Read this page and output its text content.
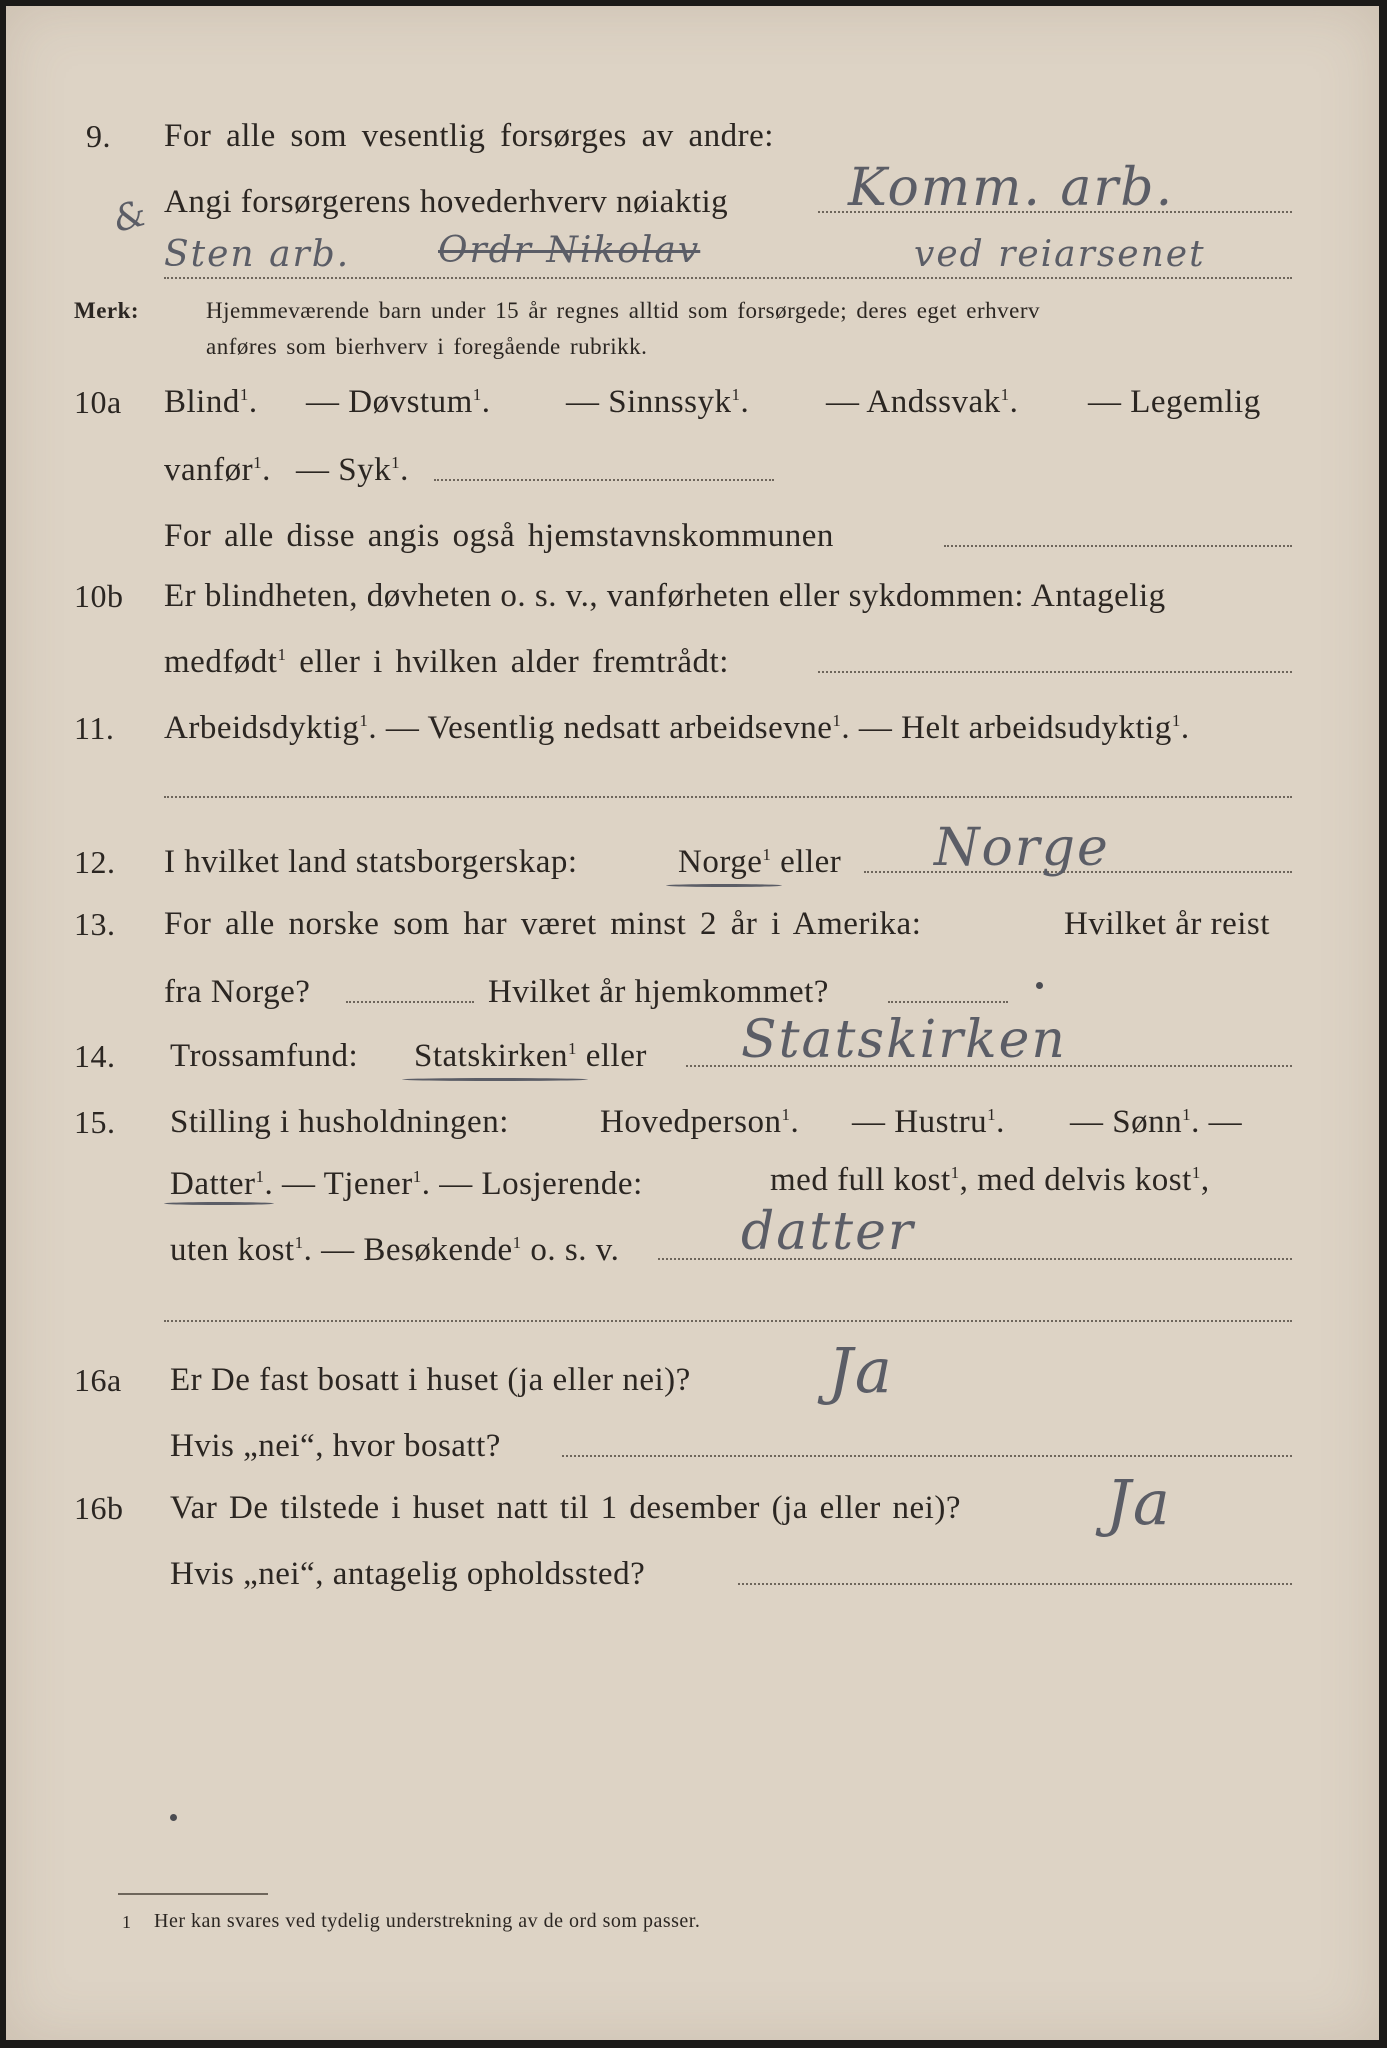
9. For alle som vesentlig forsørges av andre:
Angi forsørgerens hovederhverv nøiaktig Komm. arb.
&
Sten arb. Ordr Nikolav	ved reiarsenet
Merk:	Hjemmeværende barn under 15 år regnes alltid som forsørgede; deres eget erhverv
anføres som bierhverv i foregående rubrikk.
10a Blind$^1$. — Døvstum$^1$. — Sinnssyk$^1$. — Andssvak$^1$. — Legemlig
vanfør$^1$. — Syk$^1$.
For alle disse angis også hjemstavnskommunen
10b Er blindheten, døvheten o. s. v., vanførheten eller sykdommen: Antagelig
medfødt$^1$ eller i hvilken alder fremtrådt:
11. Arbeidsdyktig$^1$. — Vesentlig nedsatt arbeidsevne$^1$. — Helt arbeidsudyktig$^1$.
12. I hvilket land statsborgerskap:	Norge$^1$ eller Norge
13. For alle norske som har været minst 2 år i Amerika:	Hvilket år reist
fra Norge?	Hvilket år hjemkommet?
14. Trossamfund: Statskirken$^1$ eller Statskirken
15. Stilling i husholdningen:	Hovedperson$^1$. — Hustru$^1$. — Sønn$^1$. —
Datter$^1$. — Tjener$^1$. — Losjerende:	med full kost$^1$, med delvis kost$^1$,
uten kost$^1$. — Besøkende$^1$ o. s. v. datter
16a Er De fast bosatt i huset (ja eller nei)? Ja
Hvis „nei“, hvor bosatt?
16b Var De tilstede i huset natt til 1 desember (ja eller nei)? Ja
Hvis „nei“, antagelig opholdssted?
1 Her kan svares ved tydelig understrekning av de ord som passer.
